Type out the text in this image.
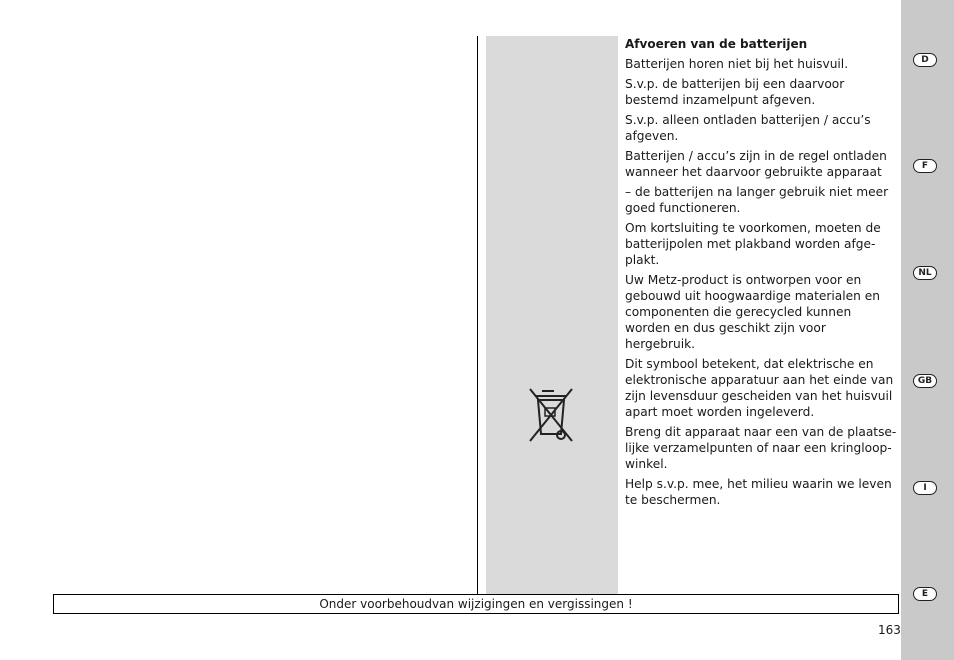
Afvoeren van de batterijen

Batterijen horen niet bij het huisvuil.

S.v.p. de batterijen bij een daarvoor bestemd inzamelpunt afgeven.

S.v.p. alleen ontladen batterijen / accu’s afgeven.

Batterijen / accu’s zijn in de regel ontladen wanneer het daarvoor gebruikte apparaat

– de batterijen na langer gebruik niet meer goed functioneren.

Om kortsluiting te voorkomen, moeten de batterijpolen met plakband worden afge-plakt.

Uw Metz-product is ontworpen voor en gebouwd uit hoogwaardige materialen en componenten die gerecycled kunnen worden en dus geschikt zijn voor hergebruik.

Dit symbool betekent, dat elektrische en elektronische apparatuur aan het einde van zijn levensduur gescheiden van het huisvuil apart moet worden ingeleverd.

Breng dit apparaat naar een van de plaatse-lijke verzamelpunten of naar een kringloop-winkel.

Help s.v.p. mee, het milieu waarin we leven te beschermen.

Onder voorbehoudvan wijzigingen en vergissingen !
163
D
F
NL
GB
I
E
